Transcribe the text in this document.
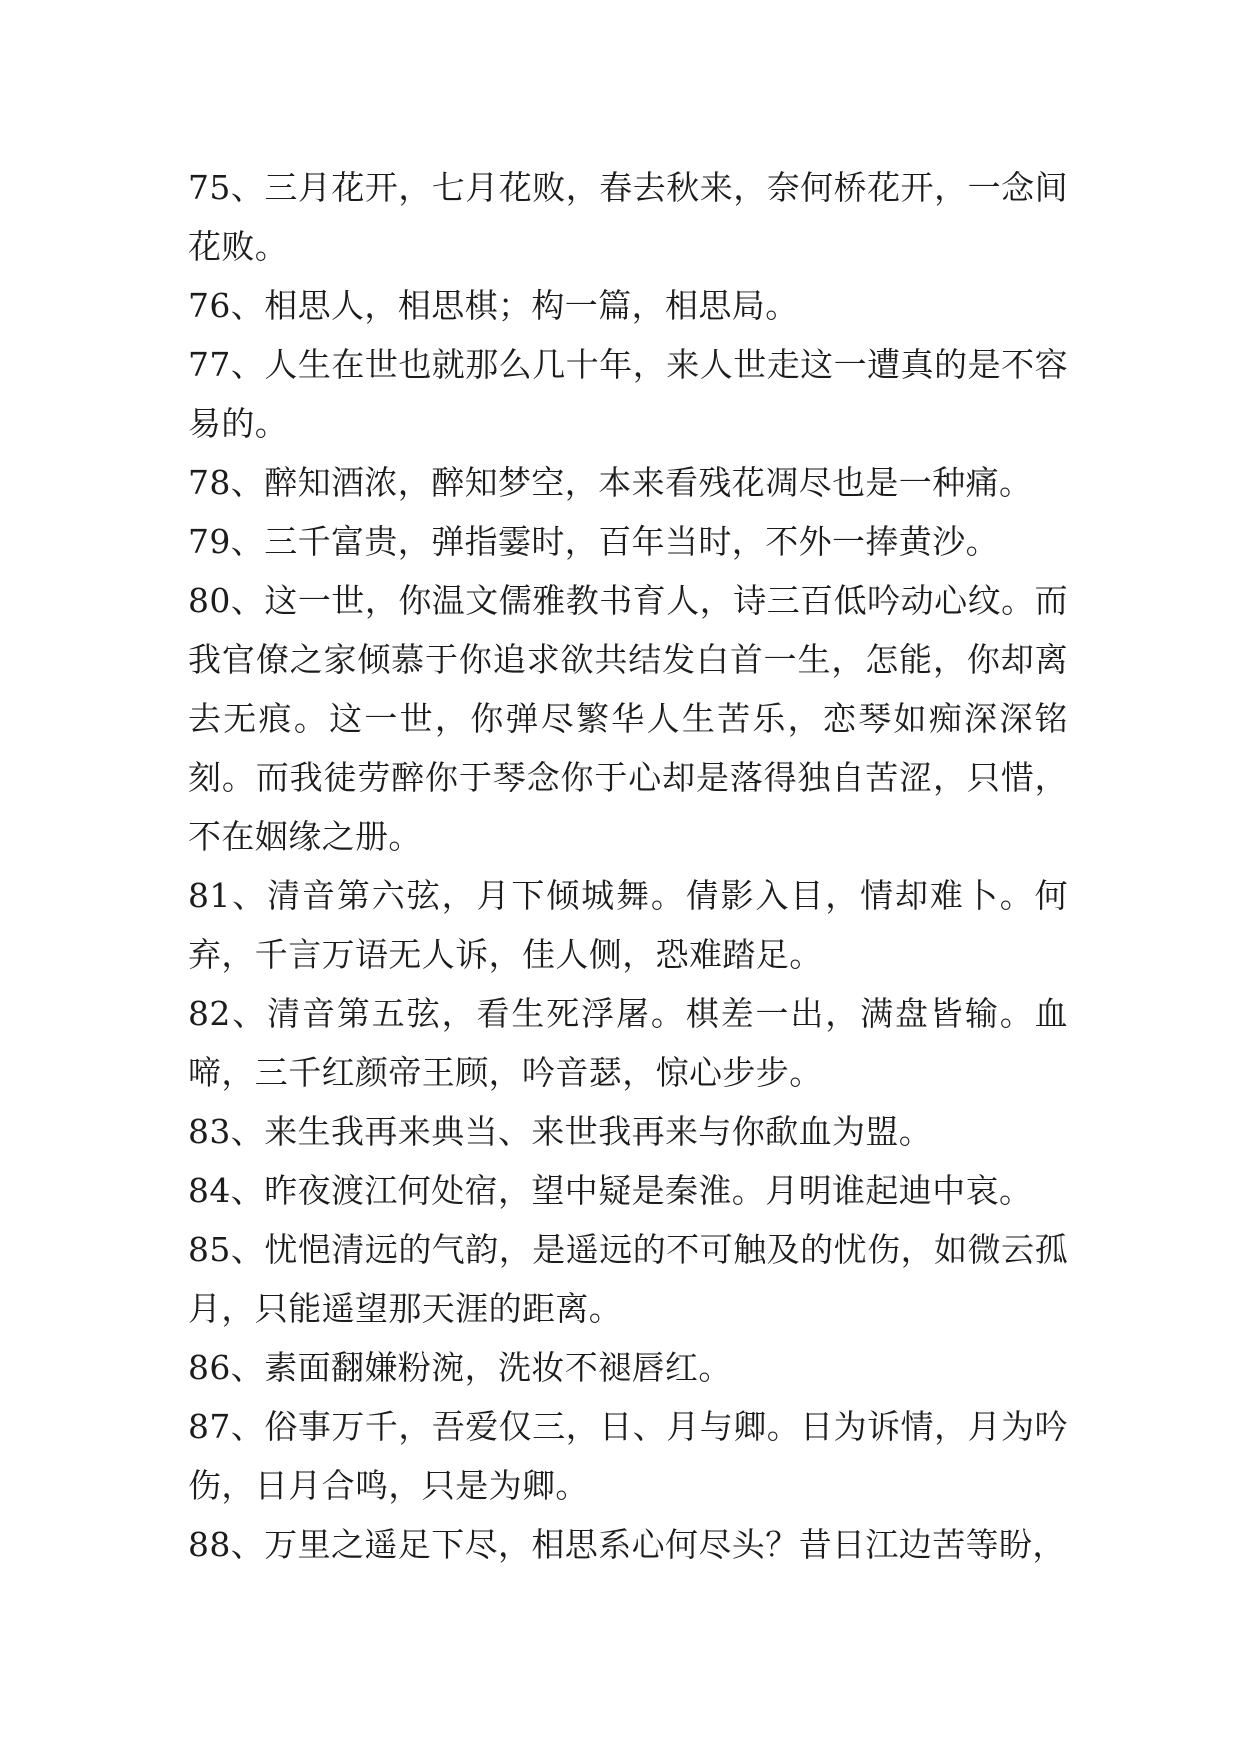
75、三月花开，七月花败，春去秋来，奈何桥花开，一念间花败。

76、相思人，相思棋；构一篇，相思局。

77、人生在世也就那么几十年，来人世走这一遭真的是不容易的。

78、醉知酒浓，醉知梦空，本来看残花凋尽也是一种痛。

79、三千富贵，弹指霎时，百年当时，不外一捧黄沙。

80、这一世，你温文儒雅教书育人，诗三百低吟动心纹。而我官僚之家倾慕于你追求欲共结发白首一生，怎能，你却离去无痕。这一世，你弹尽繁华人生苦乐，恋琴如痴深深铭刻。而我徒劳醉你于琴念你于心却是落得独自苦涩，只惜，不在姻缘之册。

81、清音第六弦，月下倾城舞。倩影入目，情却难卜。何弃，千言万语无人诉，佳人侧，恐难踏足。

82、清音第五弦，看生死浮屠。棋差一出，满盘皆输。血啼，三千红颜帝王顾，吟音瑟，惊心步步。

83、来生我再来典当、来世我再来与你歃血为盟。

84、昨夜渡江何处宿，望中疑是秦淮。月明谁起迪中哀。

85、忧悒清远的气韵，是遥远的不可触及的忧伤，如微云孤月，只能遥望那天涯的距离。

86、素面翻嫌粉涴，洗妆不褪唇红。

87、俗事万千，吾爱仅三，日、月与卿。日为诉情，月为吟伤，日月合鸣，只是为卿。

88、万里之遥足下尽，相思系心何尽头？昔日江边苦等盼，
